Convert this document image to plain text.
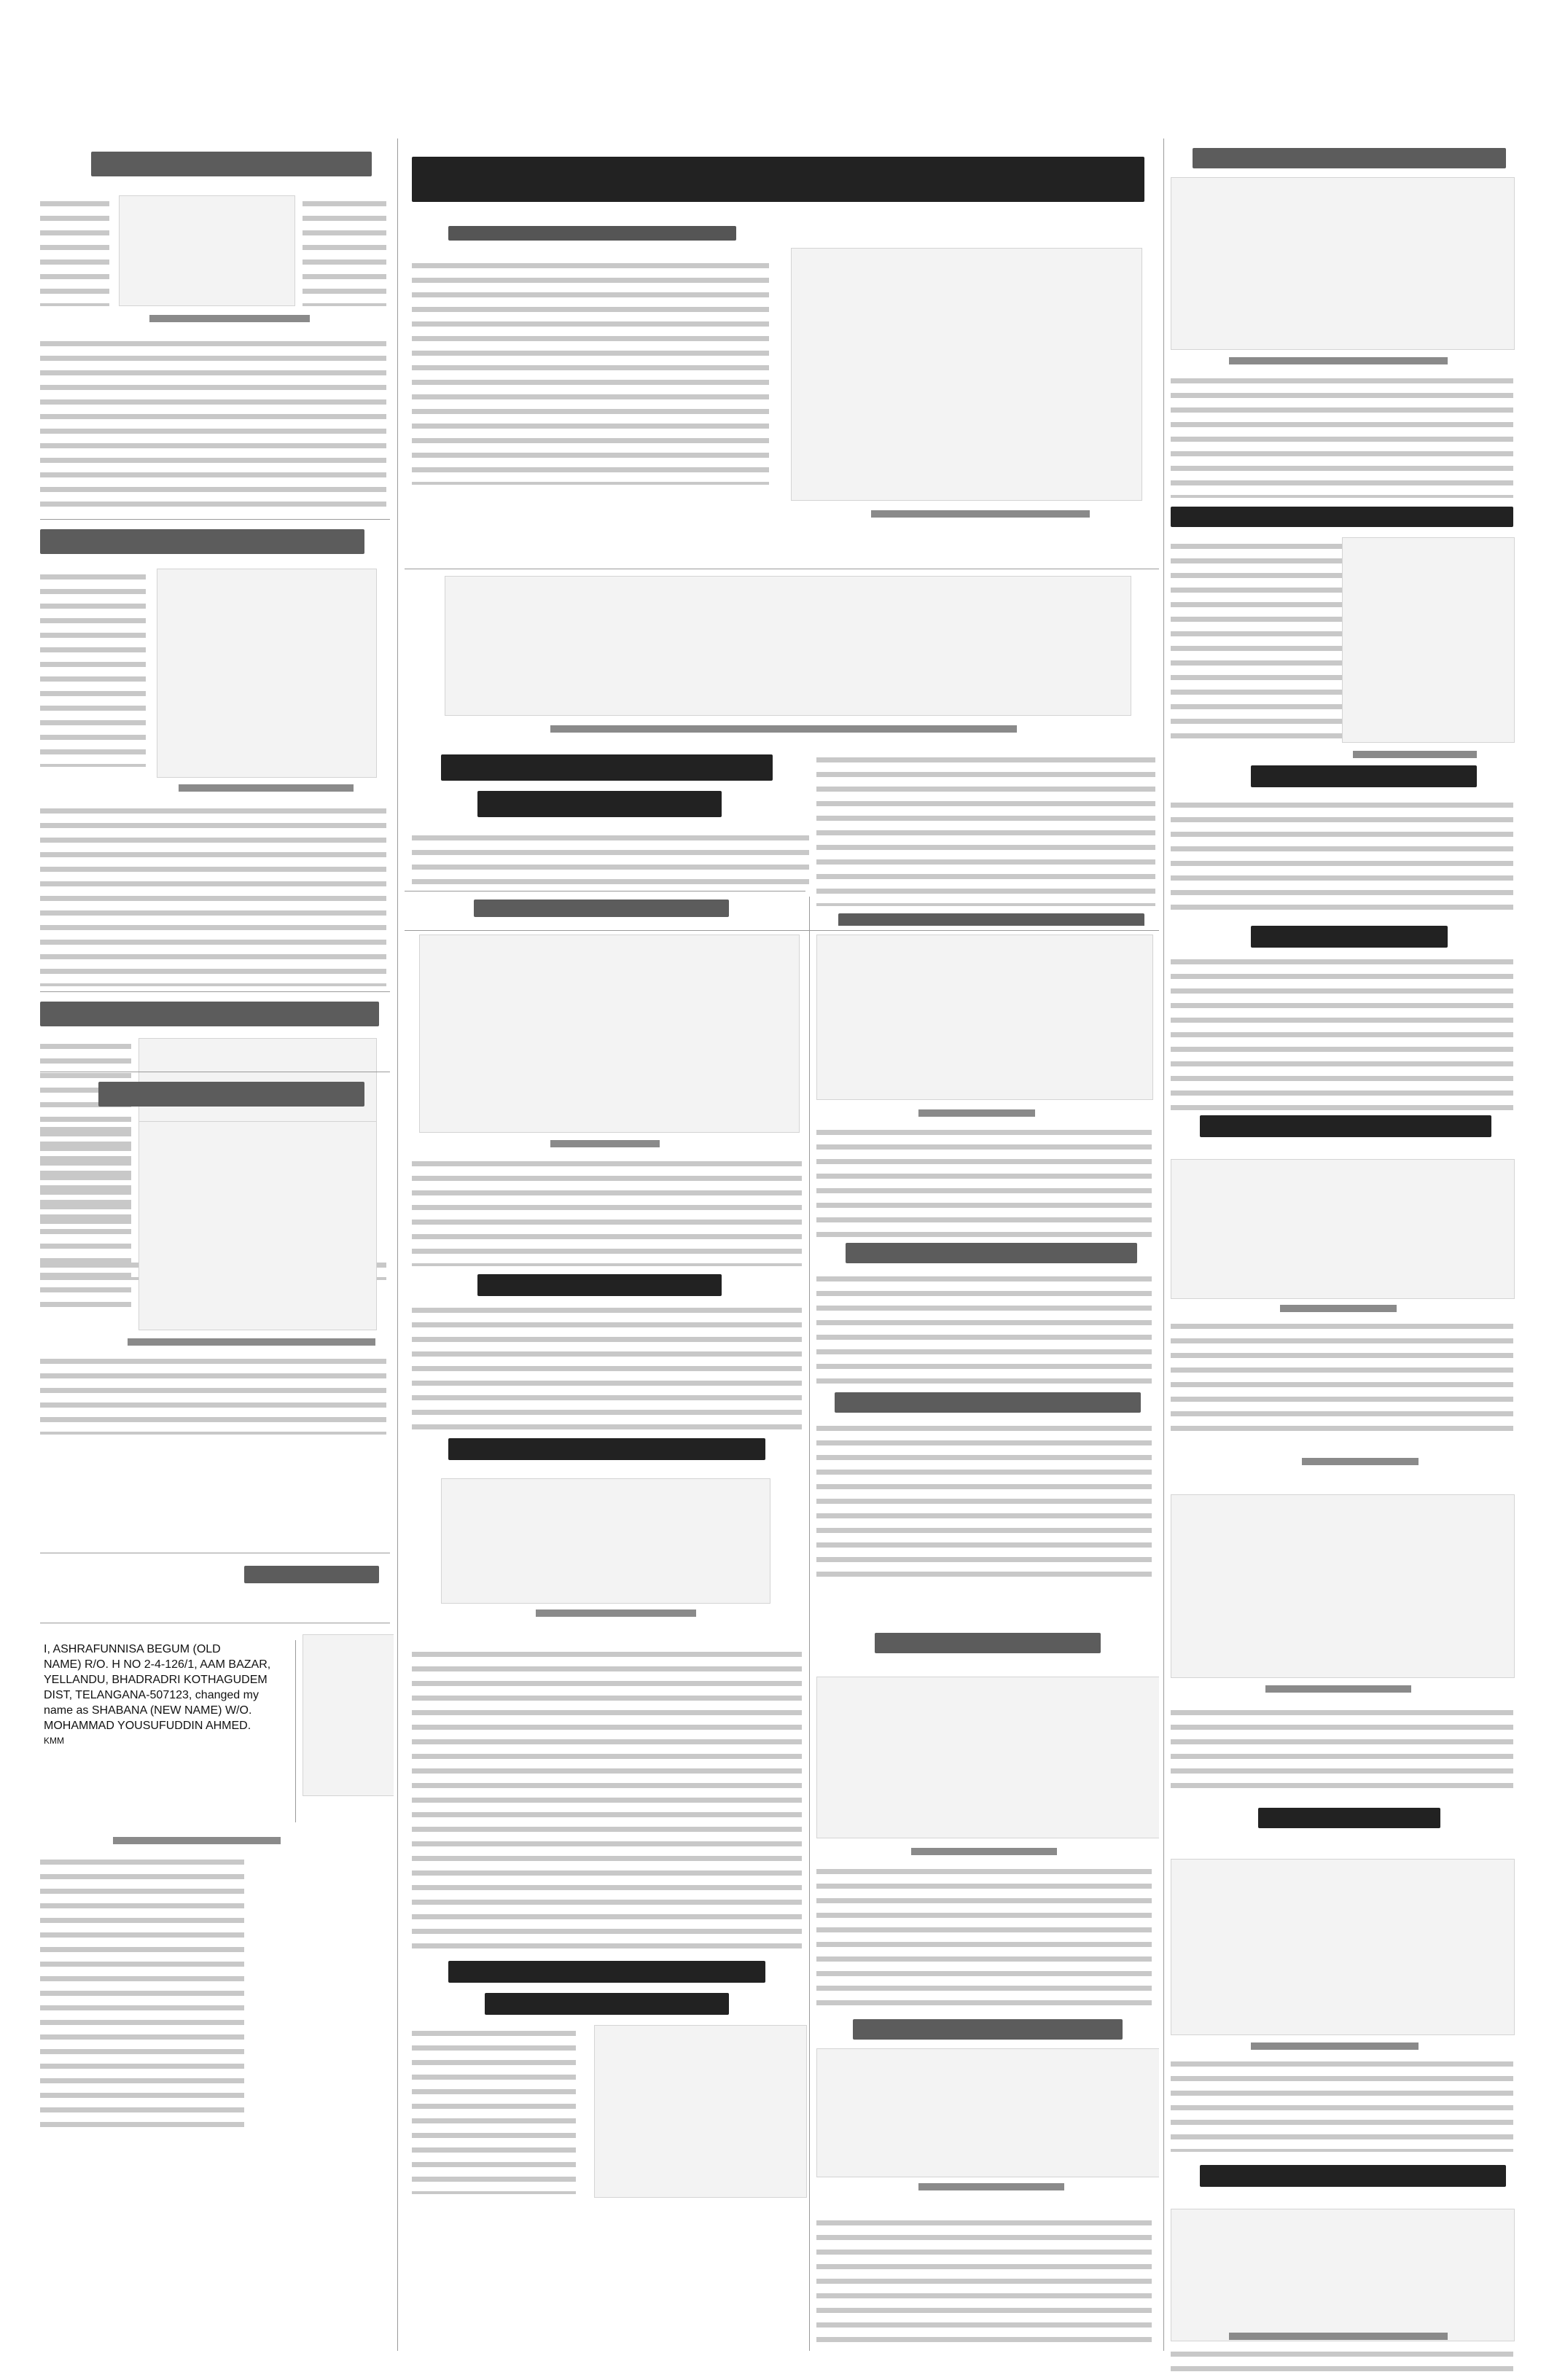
I, ASHRAFUNNISA BEGUM (OLD
NAME) R/O. H NO 2-4-126/1, AAM BAZAR,
YELLANDU, BHADRADRI KOTHAGUDEM
DIST, TELANGANA-507123, changed my
name as SHABANA (NEW NAME) W/O.
MOHAMMAD YOUSUFUDDIN AHMED.
KMM
